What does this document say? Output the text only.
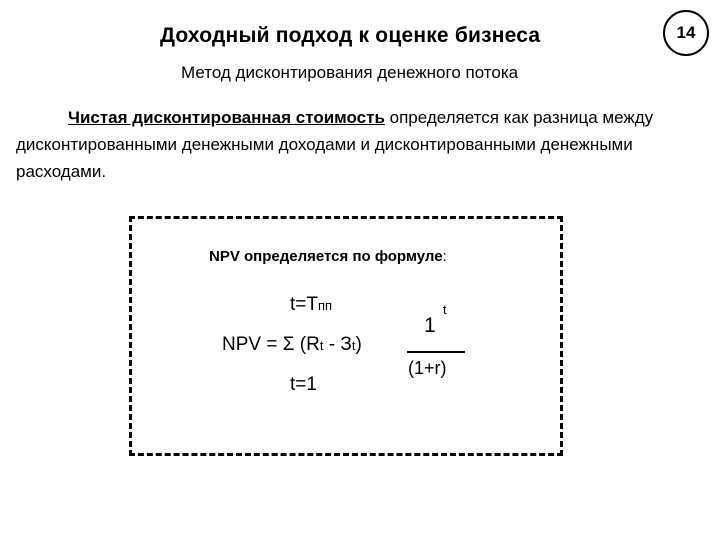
Доходный подход к оценке бизнеса	14
Метод дисконтирования денежного потока
Чистая дисконтированная стоимость определяется как разница между дисконтированными денежными доходами и дисконтированными денежными расходами.
NPV определяется по формуле:
t=Tпп
NPV = Σ (Rt - Зt)
t=1
1
t
(1+r)
